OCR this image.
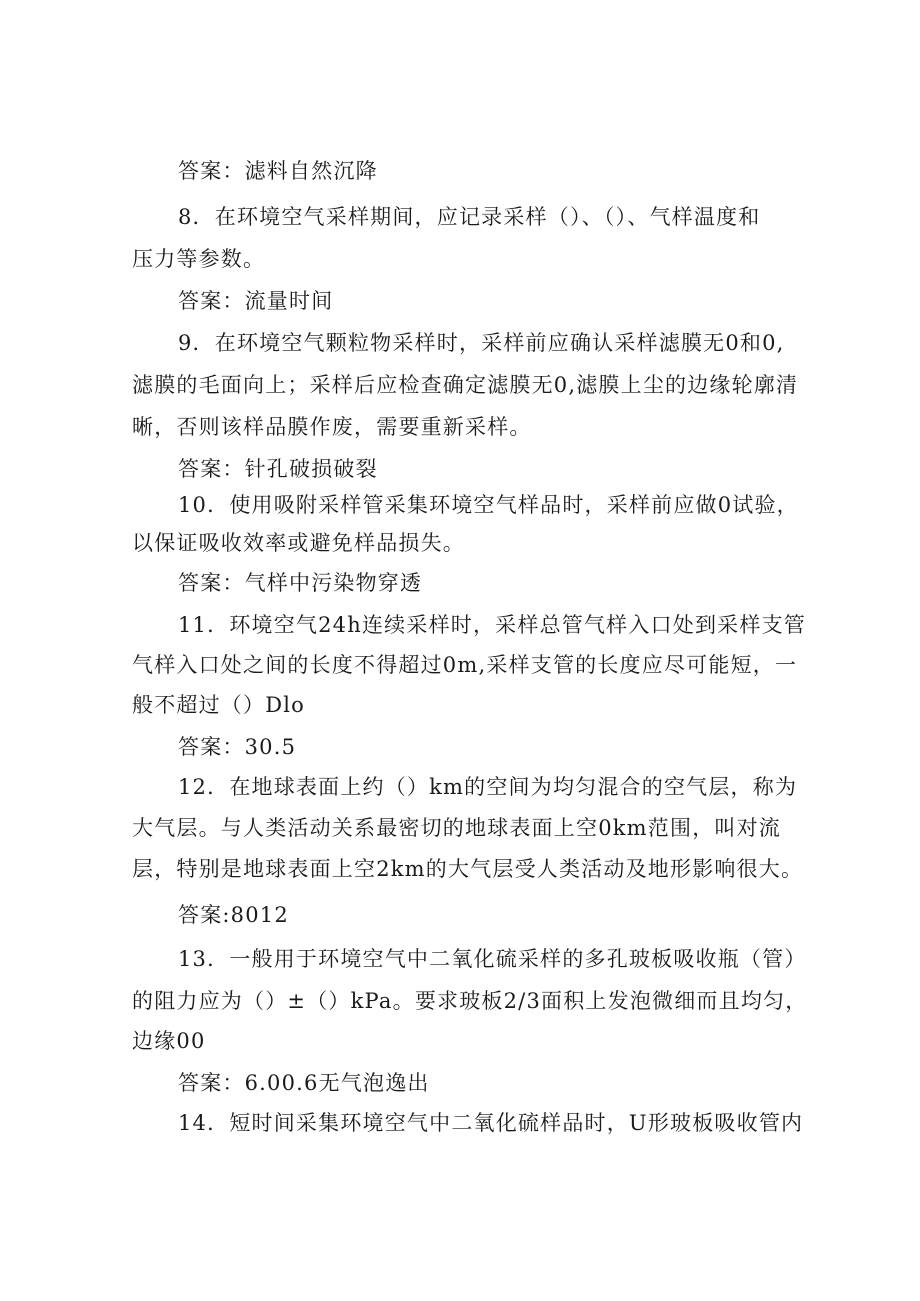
答案：滤料自然沉降
8．在环境空气采样期间，应记录采样（）、（）、气样温度和
压力等参数。
答案：流量时间
9．在环境空气颗粒物采样时，采样前应确认采样滤膜无0和0,
滤膜的毛面向上；采样后应检查确定滤膜无0,滤膜上尘的边缘轮廓清
晰，否则该样品膜作废，需要重新采样。
答案：针孔破损破裂
10．使用吸附采样管采集环境空气样品时，采样前应做0试验，
以保证吸收效率或避免样品损失。
答案：气样中污染物穿透
11．环境空气24h连续采样时，采样总管气样入口处到采样支管
气样入口处之间的长度不得超过0m,采样支管的长度应尽可能短，一
般不超过（）Dlo
答案：30.5
12．在地球表面上约（）km的空间为均匀混合的空气层，称为
大气层。与人类活动关系最密切的地球表面上空0km范围，叫对流
层，特别是地球表面上空2km的大气层受人类活动及地形影响很大。
答案:8012
13．一般用于环境空气中二氧化硫采样的多孔玻板吸收瓶（管）
的阻力应为（）±（）kPa。要求玻板2/3面积上发泡微细而且均匀，
边缘00
答案：6.00.6无气泡逸出
14．短时间采集环境空气中二氧化硫样品时，U形玻板吸收管内
